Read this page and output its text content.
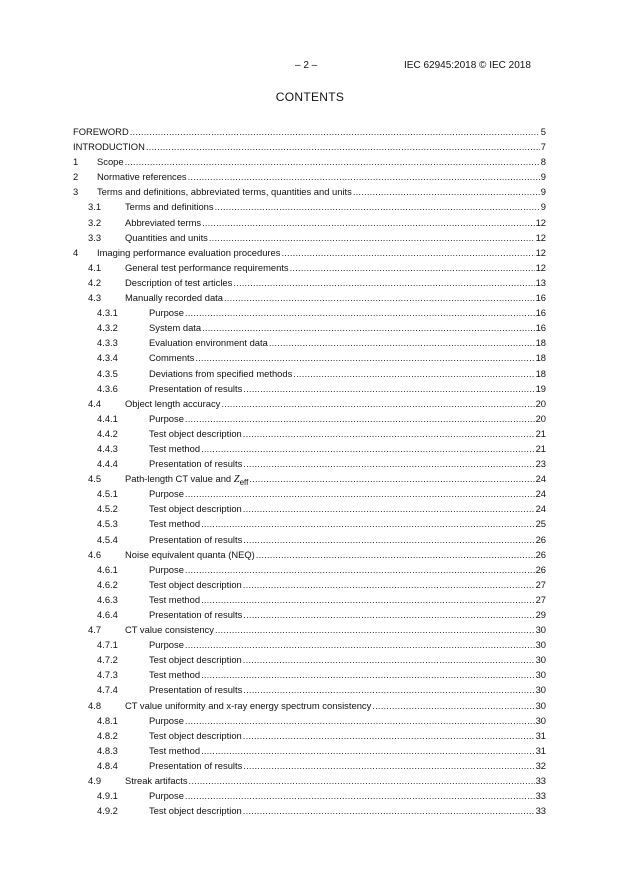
– 2 –	IEC 62945:2018 © IEC 2018
CONTENTS
FOREWORD .....	5
INTRODUCTION .....	7
1 Scope .....	8
2 Normative references .....	9
3 Terms and definitions, abbreviated terms, quantities and units .....	9
3.1	Terms and definitions .....	9
3.2	Abbreviated terms .....	12
3.3	Quantities and units .....	12
4 Imaging performance evaluation procedures .....	12
4.1	General test performance requirements .....	12
4.2	Description of test articles .....	13
4.3	Manually recorded data .....	16
4.3.1	Purpose .....	16
4.3.2	System data .....	16
4.3.3	Evaluation environment data .....	18
4.3.4	Comments .....	18
4.3.5	Deviations from specified methods .....	18
4.3.6	Presentation of results .....	19
4.4	Object length accuracy .....	20
4.4.1	Purpose .....	20
4.4.2	Test object description .....	21
4.4.3	Test method .....	21
4.4.4	Presentation of results .....	23
4.5	Path-length CT value and $Z_{eff}$ .....	24
4.5.1	Purpose .....	24
4.5.2	Test object description .....	24
4.5.3	Test method .....	25
4.5.4	Presentation of results .....	26
4.6	Noise equivalent quanta (NEQ) .....	26
4.6.1	Purpose .....	26
4.6.2	Test object description .....	27
4.6.3	Test method .....	27
4.6.4	Presentation of results .....	29
4.7	CT value consistency .....	30
4.7.1	Purpose .....	30
4.7.2	Test object description .....	30
4.7.3	Test method .....	30
4.7.4	Presentation of results .....	30
4.8	CT value uniformity and x-ray energy spectrum consistency .....	30
4.8.1	Purpose .....	30
4.8.2	Test object description .....	31
4.8.3	Test method .....	31
4.8.4	Presentation of results .....	32
4.9	Streak artifacts .....	33
4.9.1	Purpose .....	33
4.9.2	Test object description .....	33
